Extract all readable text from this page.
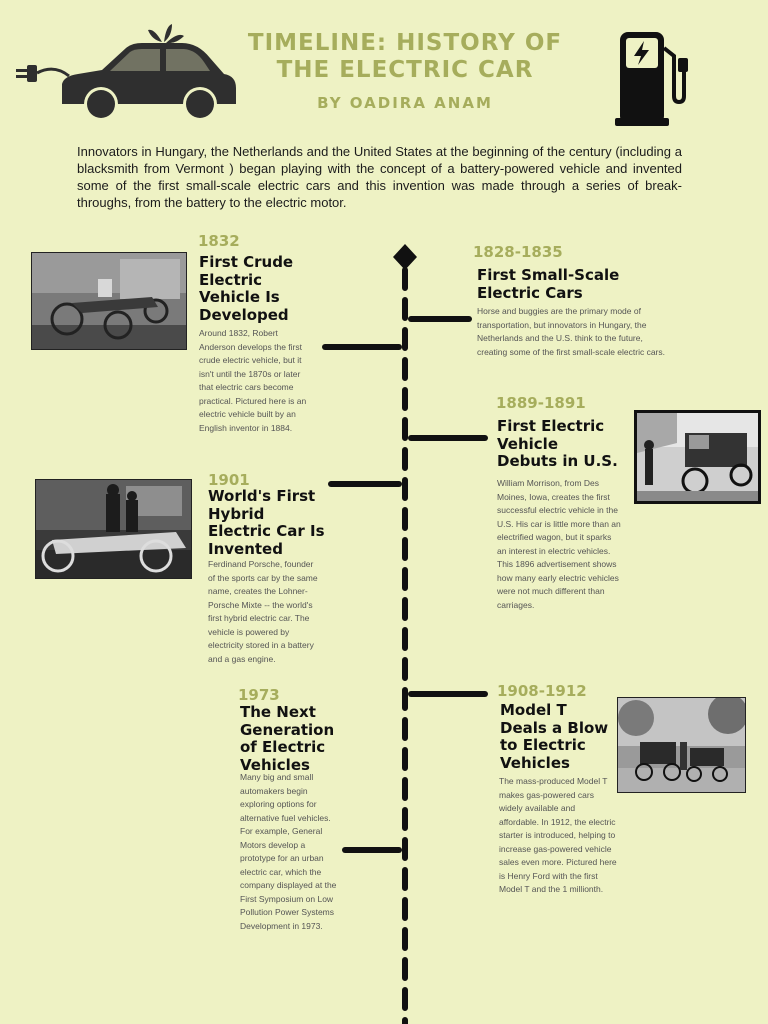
TIMELINE: HISTORY OF
THE ELECTRIC CAR
BY OADIRA ANAM
Innovators in Hungary, the Netherlands and the United States at the beginning of the century (including a blacksmith from Vermont ) began playing with the concept of a battery-powered vehicle and invented some of the first small-scale electric cars and this invention was made through a series of break-throughs, from the battery to the electric motor.
1832
First Crude Electric Vehicle Is Developed
Around 1832, Robert Anderson develops the first crude electric vehicle, but it isn't until the 1870s or later that electric cars become practical. Pictured here is an electric vehicle built by an English inventor in 1884.
1828-1835
First Small-Scale Electric Cars
Horse and buggies are the primary mode of transportation, but innovators in Hungary, the Netherlands and the U.S. think to the future, creating some of the first small-scale electric cars.
1889-1891
First Electric Vehicle Debuts in U.S.
William Morrison, from Des Moines, Iowa, creates the first successful electric vehicle in the U.S. His car is little more than an electrified wagon, but it sparks an interest in electric vehicles. This 1896 advertisement shows how many early electric vehicles were not much different than carriages.
1901
World's First Hybrid Electric Car Is Invented
Ferdinand Porsche, founder of the sports car by the same name, creates the Lohner-Porsche Mixte -- the world's first hybrid electric car. The vehicle is powered by electricity stored in a battery and a gas engine.
1908-1912
Model T Deals a Blow to Electric Vehicles
The mass-produced Model T makes gas-powered cars widely available and affordable. In 1912, the electric starter is introduced, helping to increase gas-powered vehicle sales even more. Pictured here is Henry Ford with the first Model T and the 1 millionth.
1973
The Next Generation of Electric Vehicles
Many big and small automakers begin exploring options for alternative fuel vehicles. For example, General Motors develop a prototype for an urban electric car, which the company displayed at the First Symposium on Low Pollution Power Systems Development in 1973.
